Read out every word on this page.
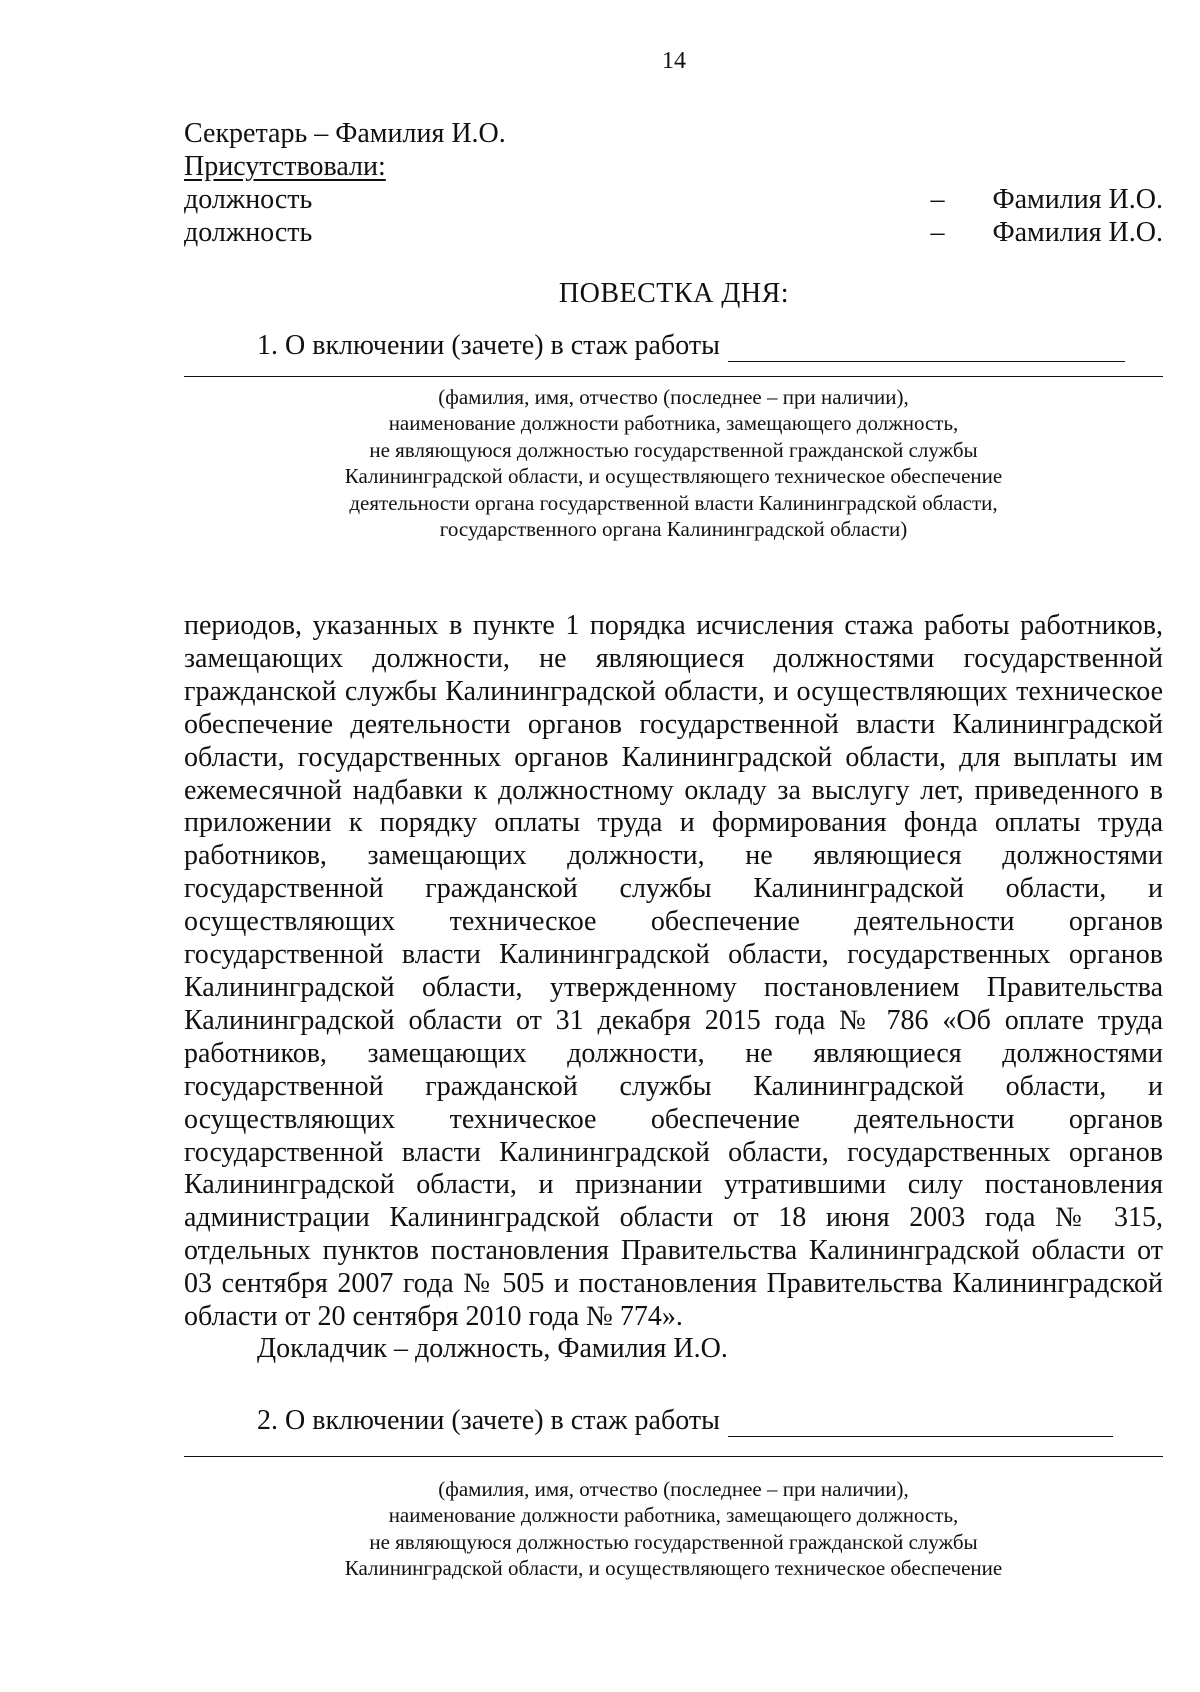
14
Секретарь – Фамилия И.О.
Присутствовали:
должность	–	Фамилия И.О.
должность	–	Фамилия И.О.
ПОВЕСТКА ДНЯ:
1. О включении (зачете) в стаж работы
(фамилия, имя, отчество (последнее – при наличии),
наименование должности работника, замещающего должность,
не являющуюся должностью государственной гражданской службы
Калининградской области, и осуществляющего техническое обеспечение
деятельности органа государственной власти Калининградской области,
государственного органа Калининградской области)
периодов, указанных в пункте 1 порядка исчисления стажа работы работников, замещающих должности, не являющиеся должностями государственной гражданской службы Калининградской области, и осуществляющих техническое обеспечение деятельности органов государственной власти Калининградской области, государственных органов Калининградской области, для выплаты им ежемесячной надбавки к должностному окладу за выслугу лет, приведенного в приложении к порядку оплаты труда и формирования фонда оплаты труда работников, замещающих должности, не являющиеся должностями государственной гражданской службы Калининградской области, и осуществляющих техническое обеспечение деятельности органов государственной власти Калининградской области, государственных органов Калининградской области, утвержденному постановлением Правительства Калининградской области от 31 декабря 2015 года № 786 «Об оплате труда работников, замещающих должности, не являющиеся должностями государственной гражданской службы Калининградской области, и осуществляющих техническое обеспечение деятельности органов государственной власти Калининградской области, государственных органов Калининградской области, и признании утратившими силу постановления администрации Калининградской области от 18 июня 2003 года № 315, отдельных пунктов постановления Правительства Калининградской области от 03 сентября 2007 года № 505 и постановления Правительства Калининградской области от 20 сентября 2010 года № 774».
Докладчик – должность, Фамилия И.О.
2. О включении (зачете) в стаж работы
(фамилия, имя, отчество (последнее – при наличии),
наименование должности работника, замещающего должность,
не являющуюся должностью государственной гражданской службы
Калининградской области, и осуществляющего техническое обеспечение
